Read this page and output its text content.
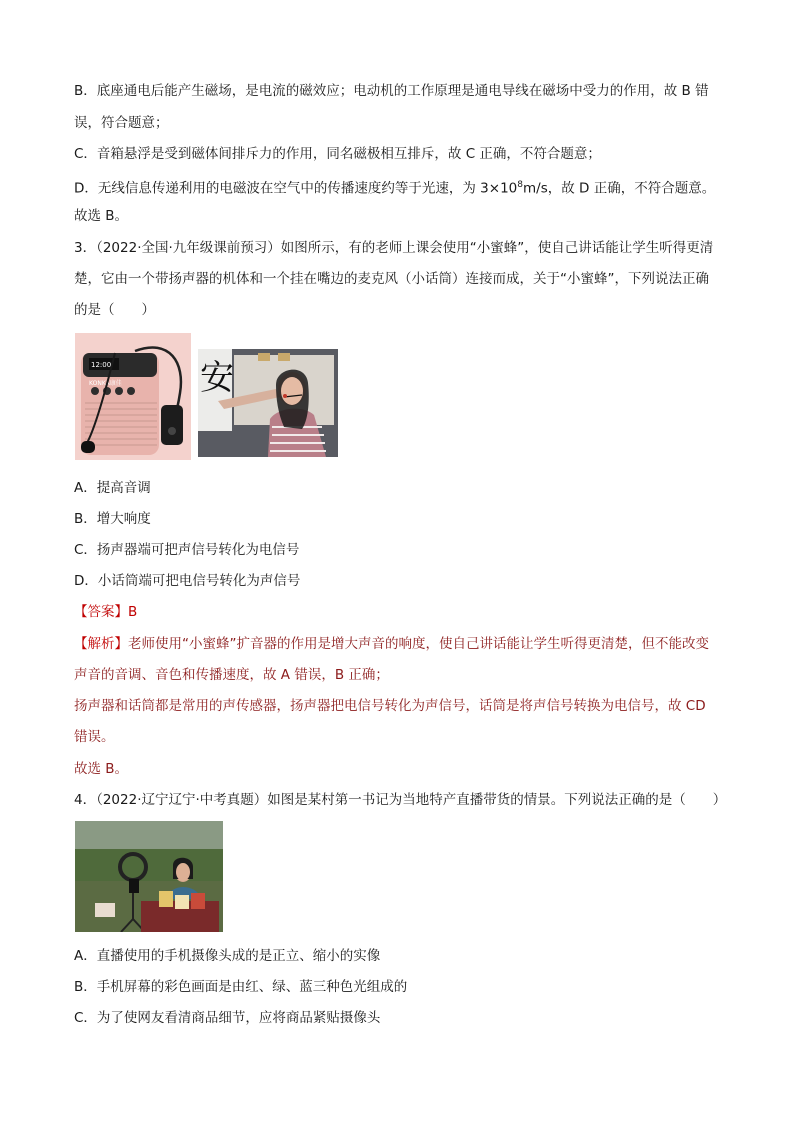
B．底座通电后能产生磁场，是电流的磁效应；电动机的工作原理是通电导线在磁场中受力的作用，故 B 错
误，符合题意；
C．音箱悬浮是受到磁体间排斥力的作用，同名磁极相互排斥，故 C 正确，不符合题意；
D．无线信息传递利用的电磁波在空气中的传播速度约等于光速，为 $3\times 10^8m/s$，故 D 正确，不符合题意。
故选 B。
3．（2022·全国·九年级课前预习）如图所示，有的老师上课会使用“小蜜蜂”，使自己讲话能让学生听得更清
楚，它由一个带扬声器的机体和一个挂在嘴边的麦克风（小话筒）连接而成，关于“小蜜蜂”，下列说法正确
的是（　　）
12:00
KONKA康佳 安
A．提高音调
B．增大响度
C．扬声器端可把声信号转化为电信号
D．小话筒端可把电信号转化为声信号
【答案】B
【解析】老师使用“小蜜蜂”扩音器的作用是增大声音的响度，使自己讲话能让学生听得更清楚，但不能改变
声音的音调、音色和传播速度，故 A 错误，B 正确；
扬声器和话筒都是常用的声传感器，扬声器把电信号转化为声信号，话筒是将声信号转换为电信号，故 CD
错误。
故选 B。
4．（2022·辽宁辽宁·中考真题）如图是某村第一书记为当地特产直播带货的情景。下列说法正确的是（　　）
A．直播使用的手机摄像头成的是正立、缩小的实像
B．手机屏幕的彩色画面是由红、绿、蓝三种色光组成的
C．为了使网友看清商品细节，应将商品紧贴摄像头
